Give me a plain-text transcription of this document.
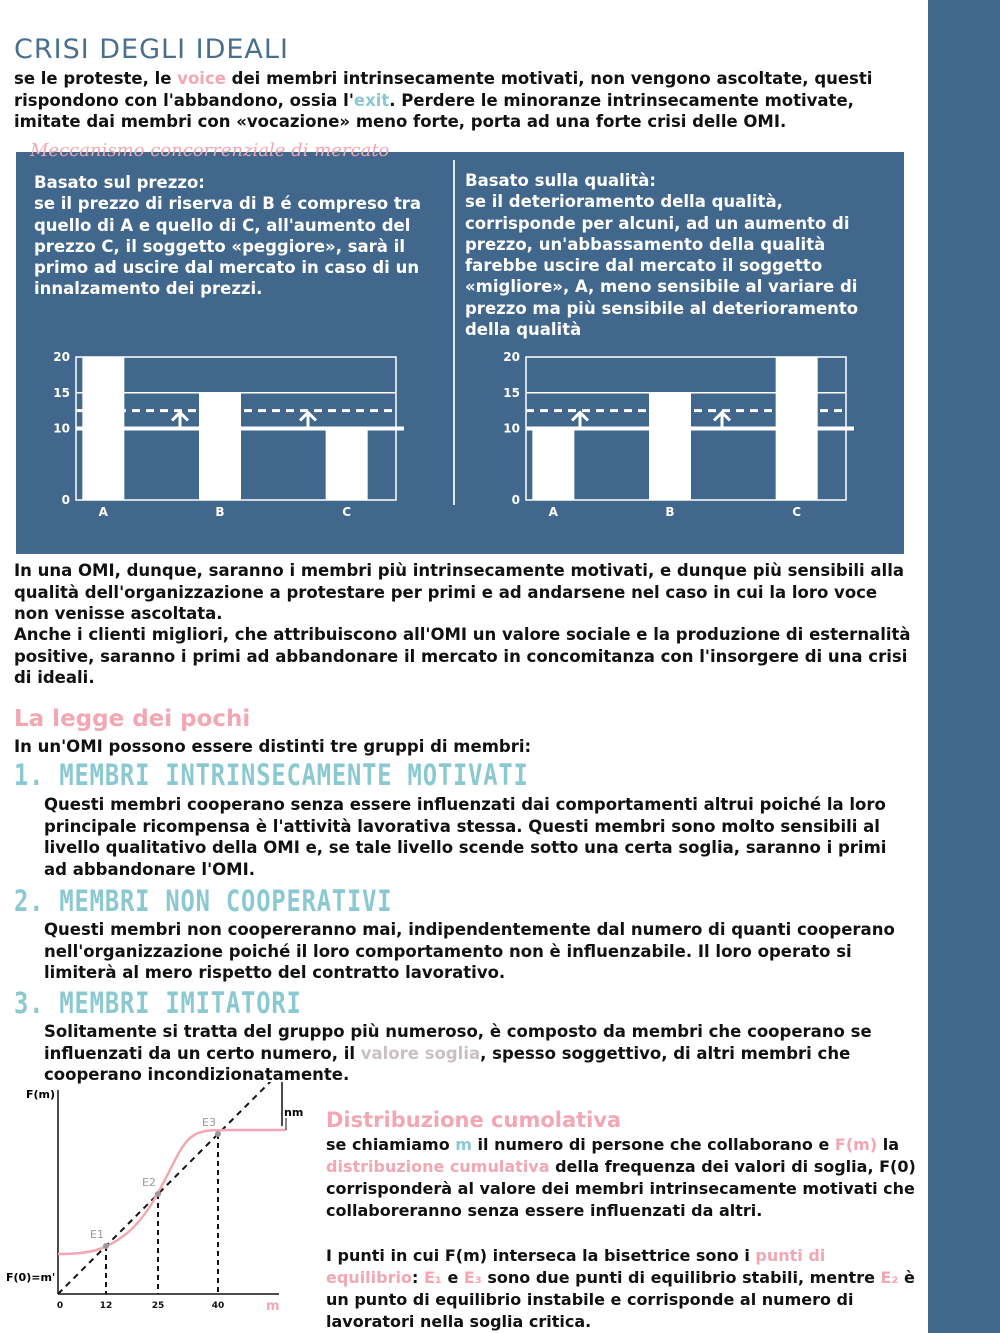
CRISI DEGLI IDEALI

se le proteste, le voice dei membri intrinsecamente motivati, non vengono ascoltate, questi rispondono con l'abbandono, ossia l'exit. Perdere le minoranze intrinsecamente motivate, imitate dai membri con «vocazione» meno forte, porta ad una forte crisi delle OMI.

Meccanismo concorrenziale di mercato

Basato sul prezzo:
se il prezzo di riserva di B é compreso tra quello di A e quello di C, all'aumento del prezzo C, il soggetto «peggiore», sarà il primo ad uscire dal mercato in caso di un innalzamento dei prezzi.

Basato sulla qualità:
se il deterioramento della qualità, corrisponde per alcuni, ad un aumento di prezzo, un'abbassamento della qualità farebbe uscire dal mercato il soggetto «migliore», A, meno sensibile al variare di prezzo ma più sensibile al deterioramento della qualità

0
10
15
20
A	B	C
0
10
15
20
A	B	C

In una OMI, dunque, saranno i membri più intrinsecamente motivati, e dunque più sensibili alla qualità dell'organizzazione a protestare per primi e ad andarsene nel caso in cui la loro voce non venisse ascoltata.

Anche i clienti migliori, che attribuiscono all'OMI un valore sociale e la produzione di esternalità positive, saranno i primi ad abbandonare il mercato in concomitanza con l'insorgere di una crisi di ideali.

La legge dei pochi

In un'OMI possono essere distinti tre gruppi di membri:

1. MEMBRI INTRINSECAMENTE MOTIVATI

Questi membri cooperano senza essere influenzati dai comportamenti altrui poiché la loro principale ricompensa è l'attività lavorativa stessa. Questi membri sono molto sensibili al livello qualitativo della OMI e, se tale livello scende sotto una certa soglia, saranno i primi ad abbandonare l'OMI.

2. MEMBRI NON COOPERATIVI

Questi membri non coopereranno mai, indipendentemente dal numero di quanti cooperano nell'organizzazione poiché il loro comportamento non è influenzabile. Il loro operato si limiterà al mero rispetto del contratto lavorativo.

3. MEMBRI IMITATORI

Solitamente si tratta del gruppo più numeroso, è composto da membri che cooperano se influenzati da un certo numero, il valore soglia, spesso soggettivo, di altri membri che cooperano incondizionatamente.

F(m)
F(0)=m'
nm
m
E1
E2
E3
0	12	25	40
Distribuzione cumolativa

se chiamiamo m il numero di persone che collaborano e F(m) la distribuzione cumulativa della frequenza dei valori di soglia, F(0) corrisponderà al valore dei membri intrinsecamente motivati che collaboreranno senza essere influenzati da altri.

I punti in cui F(m) interseca la bisettrice sono i punti di equilibrio: E₁ e E₃ sono due punti di equilibrio stabili, mentre E₂ è un punto di equilibrio instabile e corrisponde al numero di lavoratori nella soglia critica.
